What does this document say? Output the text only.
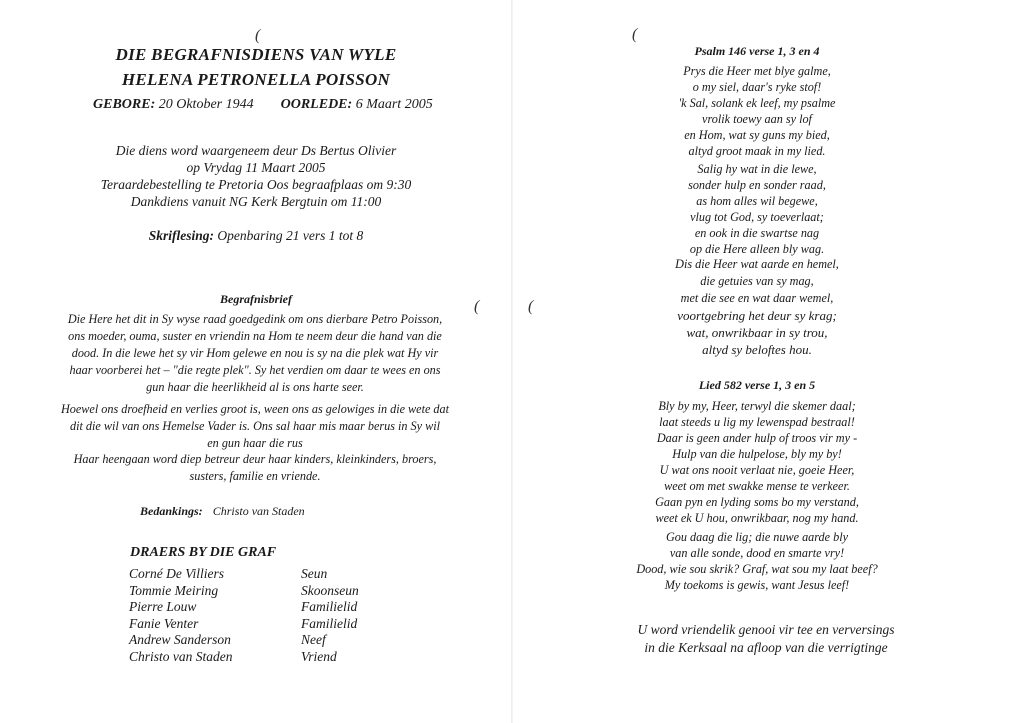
(
(
DIE BEGRAFNISDIENS VAN WYLE
HELENA PETRONELLA POISSON
GEBORE: 20 Oktober 1944 OORLEDE: 6 Maart 2005
Die diens word waargeneem deur Ds Bertus Olivier
op Vrydag 11 Maart 2005
Teraardebestelling te Pretoria Oos begraafplaas om 9:30
Dankdiens vanuit NG Kerk Bergtuin om 11:00
Skriflesing: Openbaring 21 vers 1 tot 8
Begrafnisbrief
Die Here het dit in Sy wyse raad goedgedink om ons dierbare Petro Poisson,
ons moeder, ouma, suster en vriendin na Hom te neem deur die hand van die
dood. In die lewe het sy vir Hom gelewe en nou is sy na die plek wat Hy vir
haar voorberei het – "die regte plek". Sy het verdien om daar te wees en ons
gun haar die heerlikheid al is ons harte seer.
Hoewel ons droefheid en verlies groot is, ween ons as gelowiges in die wete dat
dit die wil van ons Hemelse Vader is. Ons sal haar mis maar berus in Sy wil
en gun haar die rus
Haar heengaan word diep betreur deur haar kinders, kleinkinders, broers,
susters, familie en vriende.
Bedankings: Christo van Staden
DRAERS BY DIE GRAF
Corné De Villiers	Seun
Tommie Meiring	Skoonseun
Pierre Louw	Familielid
Fanie Venter	Familielid
Andrew Sanderson	Neef
Christo van Staden	Vriend
(
(
Psalm 146 verse 1, 3 en 4
Prys die Heer met blye galme,
o my siel, daar's ryke stof!
'k Sal, solank ek leef, my psalme
vrolik toewy aan sy lof
en Hom, wat sy guns my bied,
altyd groot maak in my lied.
Salig hy wat in die lewe,
sonder hulp en sonder raad,
as hom alles wil begewe,
vlug tot God, sy toeverlaat;
en ook in die swartse nag
op die Here alleen bly wag.
Dis die Heer wat aarde en hemel,
die getuies van sy mag,
met die see en wat daar wemel,
voortgebring het deur sy krag;
wat, onwrikbaar in sy trou,
altyd sy beloftes hou.
Lied 582 verse 1, 3 en 5
Bly by my, Heer, terwyl die skemer daal;
laat steeds u lig my lewenspad bestraal!
Daar is geen ander hulp of troos vir my -
Hulp van die hulpelose, bly my by!
U wat ons nooit verlaat nie, goeie Heer,
weet om met swakke mense te verkeer.
Gaan pyn en lyding soms bo my verstand,
weet ek U hou, onwrikbaar, nog my hand.
Gou daag die lig; die nuwe aarde bly
van alle sonde, dood en smarte vry!
Dood, wie sou skrik? Graf, wat sou my laat beef?
My toekoms is gewis, want Jesus leef!
U word vriendelik genooi vir tee en verversings
in die Kerksaal na afloop van die verrigtinge
